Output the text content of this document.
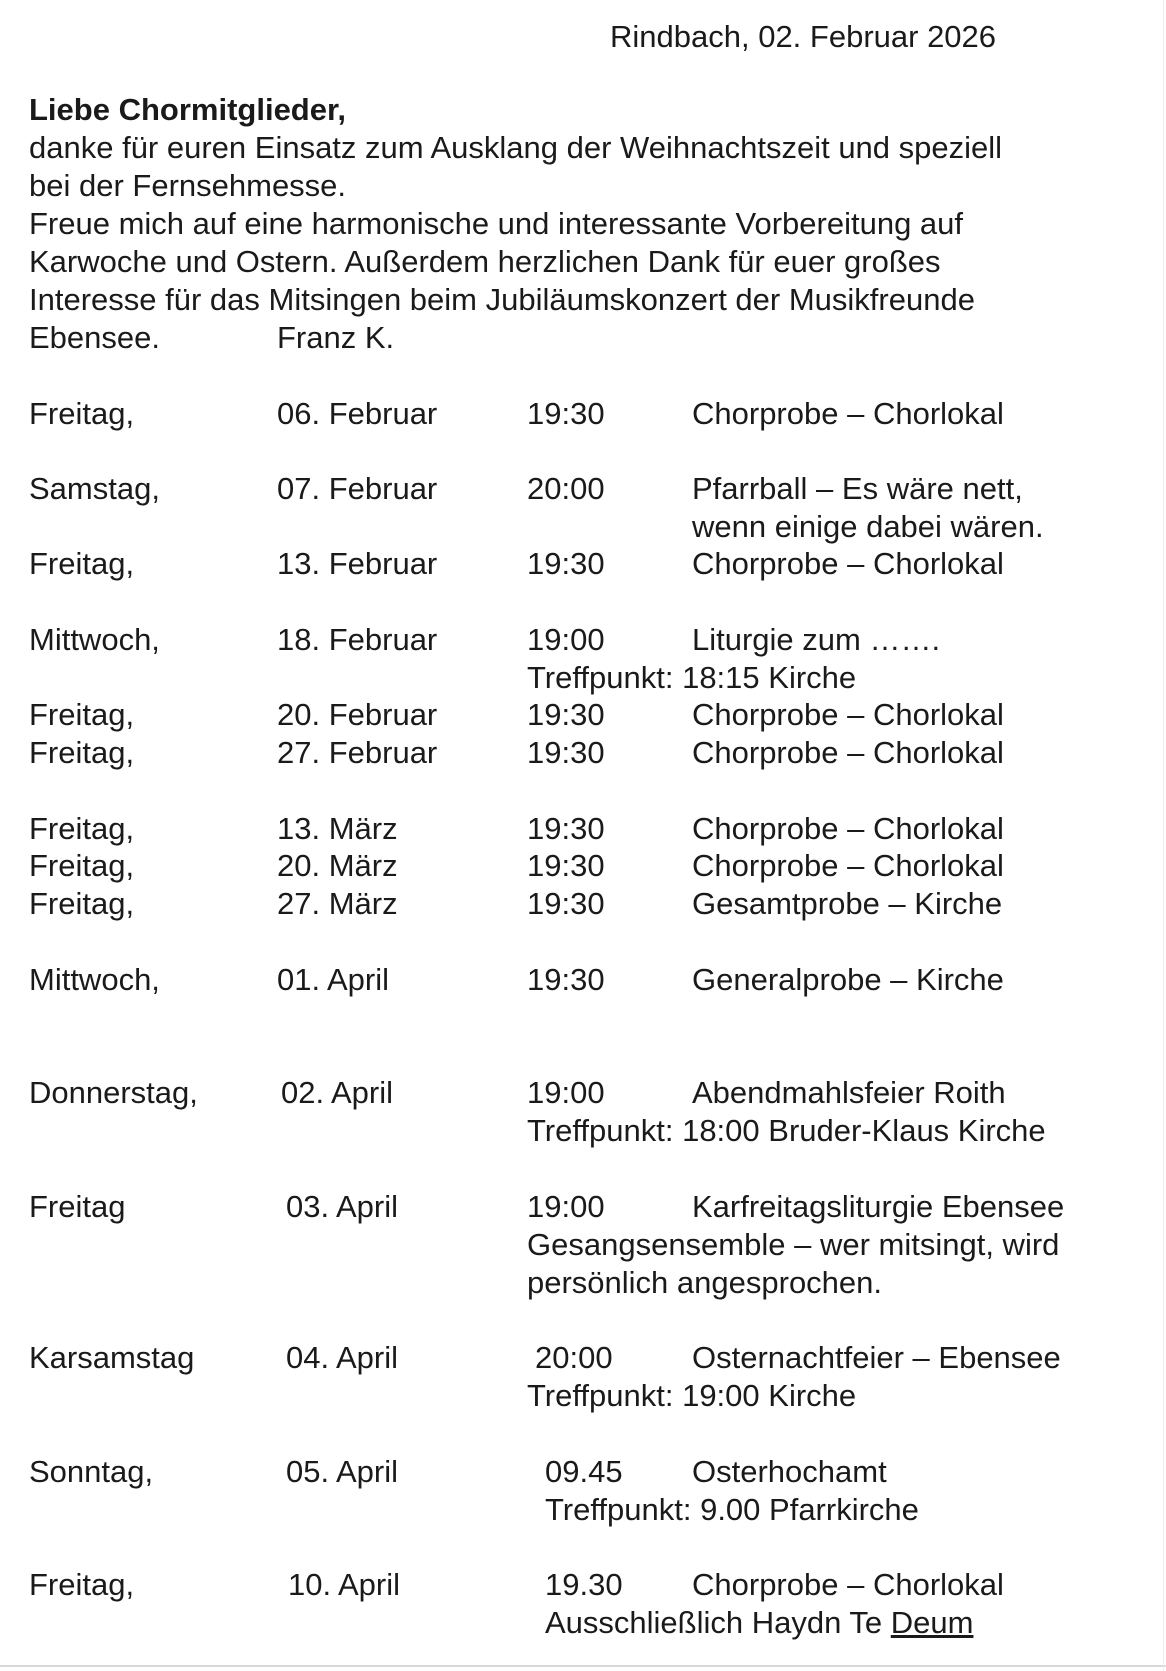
Rindbach, 02. Februar 2026
Liebe Chormitglieder,
danke für euren Einsatz zum Ausklang der Weihnachtszeit und speziell
bei der Fernsehmesse.
Freue mich auf eine harmonische und interessante Vorbereitung auf
Karwoche und Ostern. Außerdem herzlichen Dank für euer großes
Interesse für das Mitsingen beim Jubiläumskonzert der Musikfreunde
Ebensee.	Franz K.
Freitag,	06. Februar	19:30	Chorprobe – Chorlokal
Samstag,	07. Februar	20:00	Pfarrball – Es wäre nett,
wenn einige dabei wären.
Freitag,	13. Februar	19:30	Chorprobe – Chorlokal
Mittwoch,	18. Februar	19:00	Liturgie zum …….
Treffpunkt: 18:15 Kirche
Freitag,	20. Februar	19:30	Chorprobe – Chorlokal
Freitag,	27. Februar	19:30	Chorprobe – Chorlokal
Freitag,	13. März	19:30	Chorprobe – Chorlokal
Freitag,	20. März	19:30	Chorprobe – Chorlokal
Freitag,	27. März	19:30	Gesamtprobe – Kirche
Mittwoch,	01. April	19:30	Generalprobe – Kirche
Donnerstag,	02. April	19:00	Abendmahlsfeier Roith
Treffpunkt: 18:00 Bruder-Klaus Kirche
Freitag	03. April	19:00	Karfreitagsliturgie Ebensee
Gesangsensemble – wer mitsingt, wird
persönlich angesprochen.
Karsamstag	04. April	20:00	Osternachtfeier – Ebensee
Treffpunkt: 19:00 Kirche
Sonntag,	05. April	09.45 Osterhochamt
Treffpunkt: 9.00 Pfarrkirche
Freitag,	10. April	19.30 Chorprobe – Chorlokal
Ausschließlich Haydn Te Deum
